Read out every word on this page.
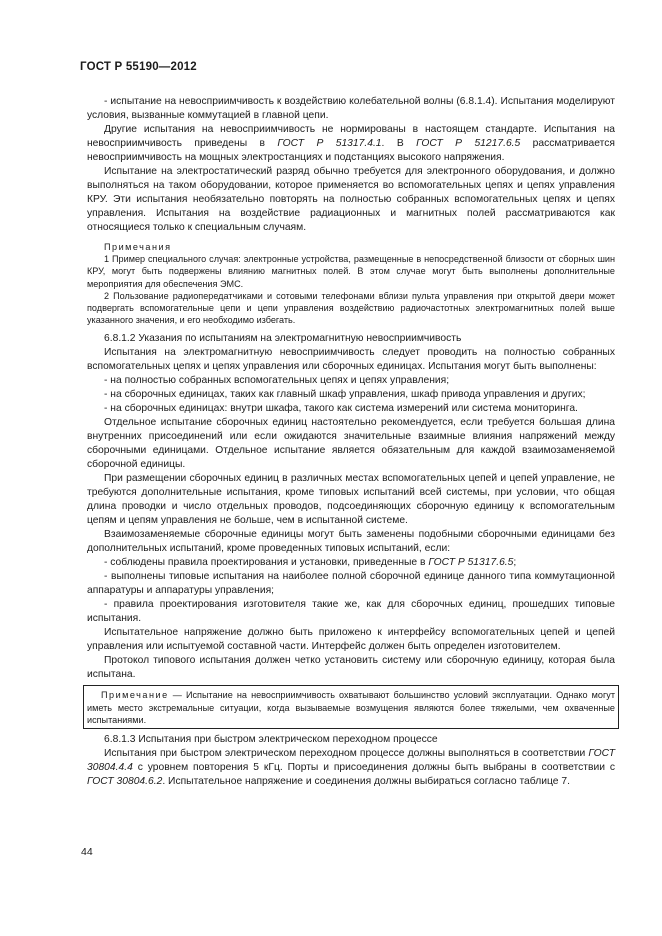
ГОСТ Р 55190—2012

- испытание на невосприимчивость к воздействию колебательной волны (6.8.1.4). Испытания моделируют условия, вызванные коммутацией в главной цепи.

Другие испытания на невосприимчивость не нормированы в настоящем стандарте. Испытания на невосприимчивость приведены в ГОСТ Р 51317.4.1. В ГОСТ Р 51217.6.5 рассматривается невосприимчивость на мощных электростанциях и подстанциях высокого напряжения.

Испытание на электростатический разряд обычно требуется для электронного оборудования, и должно выполняться на таком оборудовании, которое применяется во вспомогательных цепях и цепях управления КРУ. Эти испытания необязательно повторять на полностью собранных вспомогательных цепях и цепях управления. Испытания на воздействие радиационных и магнитных полей рассматриваются как относящиеся только к специальным случаям.

Примечания

1 Пример специального случая: электронные устройства, размещенные в непосредственной близости от сборных шин КРУ, могут быть подвержены влиянию магнитных полей. В этом случае могут быть выполнены дополнительные мероприятия для обеспечения ЭМС.

2 Пользование радиопередатчиками и сотовыми телефонами вблизи пульта управления при открытой двери может подвергать вспомогательные цепи и цепи управления воздействию радиочастотных электромагнитных полей выше указанного значения, и его необходимо избегать.

6.8.1.2 Указания по испытаниям на электромагнитную невосприимчивость

Испытания на электромагнитную невосприимчивость следует проводить на полностью собранных вспомогательных цепях и цепях управления или сборочных единицах. Испытания могут быть выполнены:

- на полностью собранных вспомогательных цепях и цепях управления;

- на сборочных единицах, таких как главный шкаф управления, шкаф привода управления и других;

- на сборочных единицах: внутри шкафа, такого как система измерений или система мониторинга.

Отдельное испытание сборочных единиц настоятельно рекомендуется, если требуется большая длина внутренних присоединений или если ожидаются значительные взаимные влияния напряжений между сборочными единицами. Отдельное испытание является обязательным для каждой взаимозаменяемой сборочной единицы.

При размещении сборочных единиц в различных местах вспомогательных цепей и цепей управление, не требуются дополнительные испытания, кроме типовых испытаний всей системы, при условии, что общая длина проводки и число отдельных проводов, подсоединяющих сборочную единицу к вспомогательным цепям и цепям управления не больше, чем в испытанной системе.

Взаимозаменяемые сборочные единицы могут быть заменены подобными сборочными единицами без дополнительных испытаний, кроме проведенных типовых испытаний, если:

- соблюдены правила проектирования и установки, приведенные в ГОСТ Р 51317.6.5;

- выполнены типовые испытания на наиболее полной сборочной единице данного типа коммутационной аппаратуры и аппаратуры управления;

- правила проектирования изготовителя такие же, как для сборочных единиц, прошедших типовые испытания.

Испытательное напряжение должно быть приложено к интерфейсу вспомогательных цепей и цепей управления или испытуемой составной части. Интерфейс должен быть определен изготовителем.

Протокол типового испытания должен четко установить систему или сборочную единицу, которая была испытана.

Примечание — Испытание на невосприимчивость охватывают большинство условий эксплуатации. Однако могут иметь место экстремальные ситуации, когда вызываемые возмущения являются более тяжелыми, чем охваченные испытаниями.

6.8.1.3 Испытания при быстром электрическом переходном процессе

Испытания при быстром электрическом переходном процессе должны выполняться в соответствии ГОСТ 30804.4.4 с уровнем повторения 5 кГц. Порты и присоединения должны быть выбраны в соответствии с ГОСТ 30804.6.2. Испытательное напряжение и соединения должны выбираться согласно таблице 7.

44
